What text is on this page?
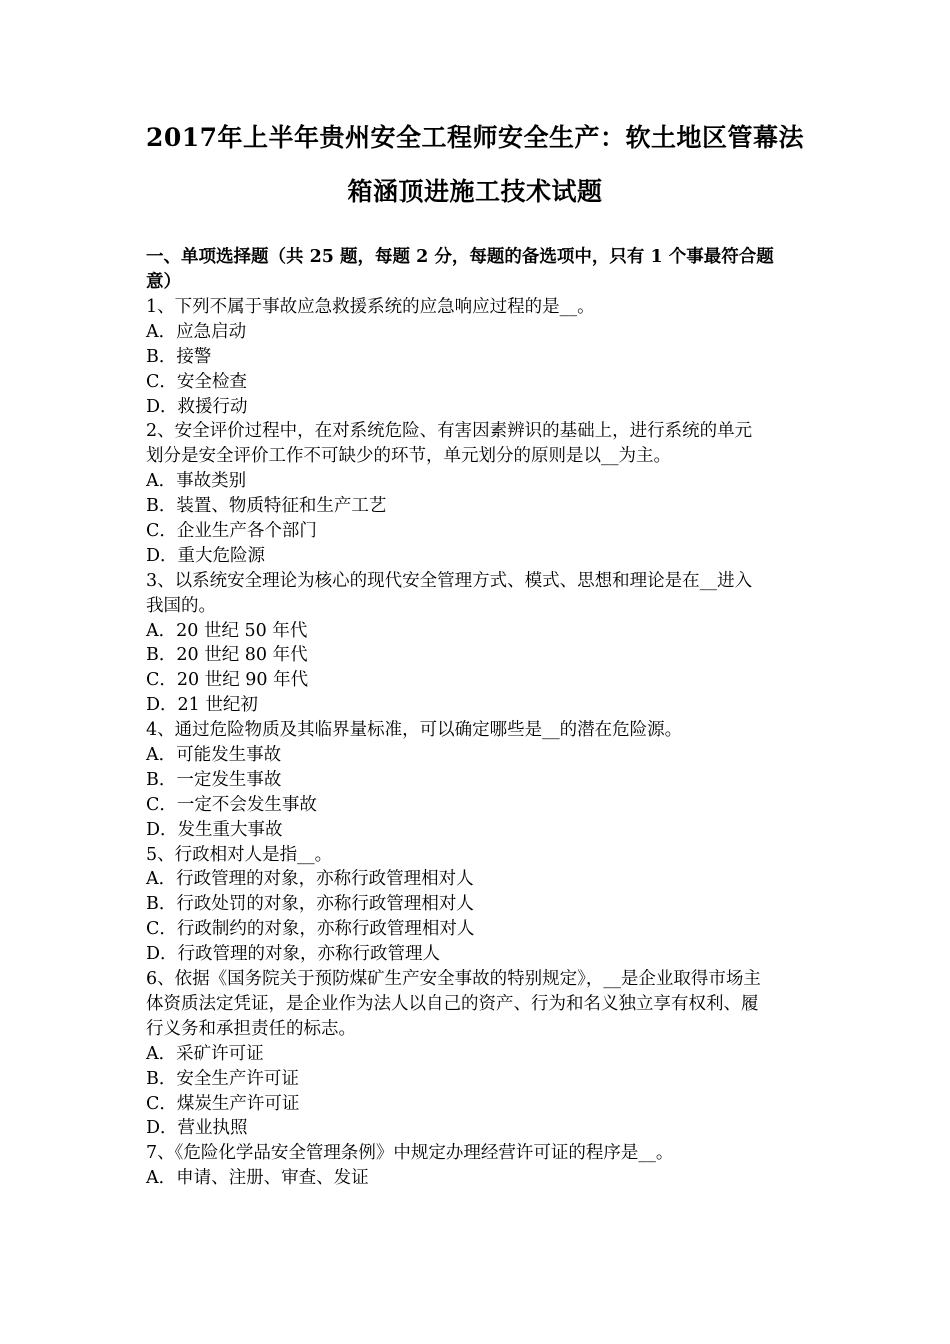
2017年上半年贵州安全工程师安全生产：软土地区管幕法
箱涵顶进施工技术试题
一、单项选择题（共 25 题，每题 2 分，每题的备选项中，只有 1 个事最符合题
意）
1、下列不属于事故应急救援系统的应急响应过程的是__。
A．应急启动
B．接警
C．安全检查
D．救援行动
2、安全评价过程中，在对系统危险、有害因素辨识的基础上，进行系统的单元
划分是安全评价工作不可缺少的环节，单元划分的原则是以__为主。
A．事故类别
B．装置、物质特征和生产工艺
C．企业生产各个部门
D．重大危险源
3、以系统安全理论为核心的现代安全管理方式、模式、思想和理论是在__进入
我国的。
A．20 世纪 50 年代
B．20 世纪 80 年代
C．20 世纪 90 年代
D．21 世纪初
4、通过危险物质及其临界量标准，可以确定哪些是__的潜在危险源。
A．可能发生事故
B．一定发生事故
C．一定不会发生事故
D．发生重大事故
5、行政相对人是指__。
A．行政管理的对象，亦称行政管理相对人
B．行政处罚的对象，亦称行政管理相对人
C．行政制约的对象，亦称行政管理相对人
D．行政管理的对象，亦称行政管理人
6、依据《国务院关于预防煤矿生产安全事故的特别规定》，__是企业取得市场主
体资质法定凭证，是企业作为法人以自己的资产、行为和名义独立享有权利、履
行义务和承担责任的标志。
A．采矿许可证
B．安全生产许可证
C．煤炭生产许可证
D．营业执照
7、《危险化学品安全管理条例》中规定办理经营许可证的程序是__。
A．申请、注册、审查、发证
